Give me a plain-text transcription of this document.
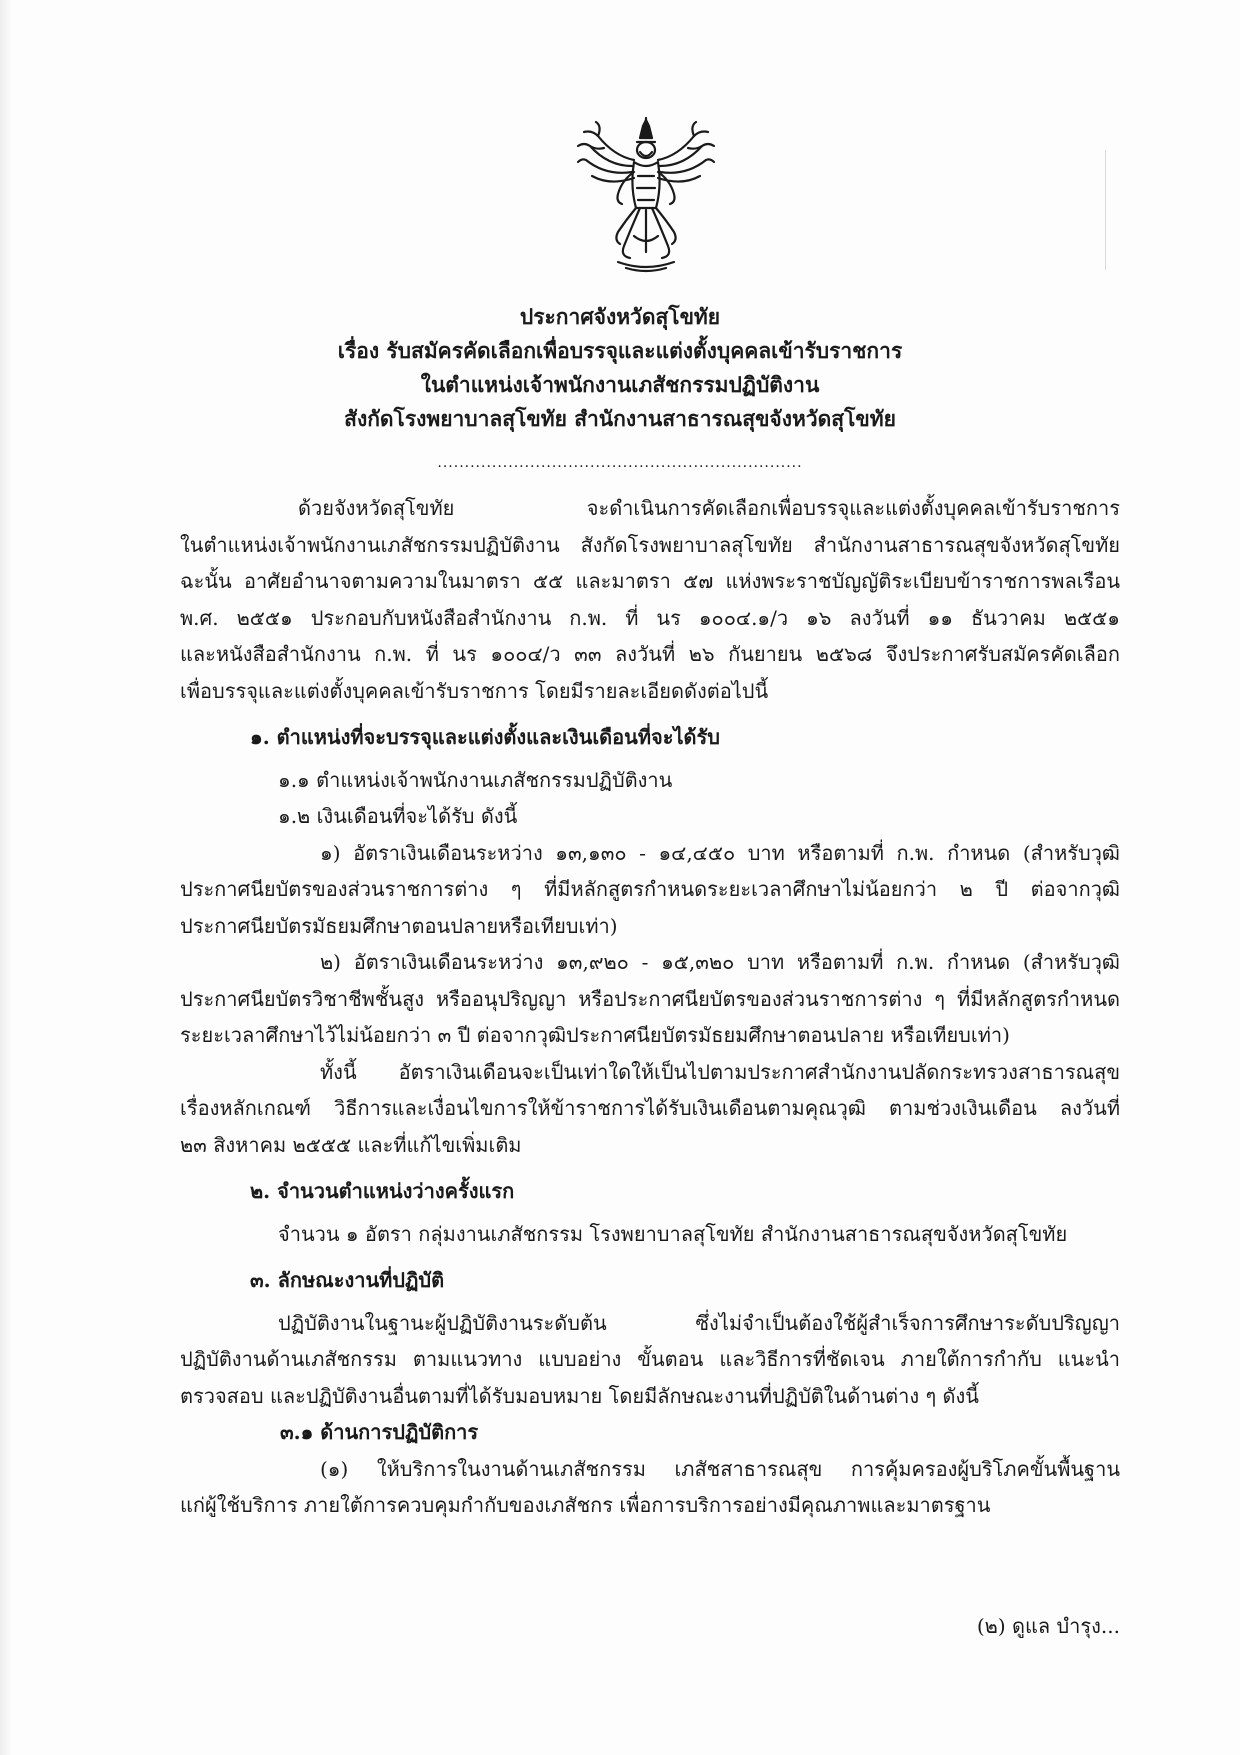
ประกาศจังหวัดสุโขทัย
เรื่อง รับสมัครคัดเลือกเพื่อบรรจุและแต่งตั้งบุคคลเข้ารับราชการ
ในตำแหน่งเจ้าพนักงานเภสัชกรรมปฏิบัติงาน
สังกัดโรงพยาบาลสุโขทัย สำนักงานสาธารณสุขจังหวัดสุโขทัย
...................................................................

ด้วยจังหวัดสุโขทัย จะดำเนินการคัดเลือกเพื่อบรรจุและแต่งตั้งบุคคลเข้ารับราชการ

ในตำแหน่งเจ้าพนักงานเภสัชกรรมปฏิบัติงาน สังกัดโรงพยาบาลสุโขทัย สำนักงานสาธารณสุขจังหวัดสุโขทัย

ฉะนั้น อาศัยอำนาจตามความในมาตรา ๕๕ และมาตรา ๕๗ แห่งพระราชบัญญัติระเบียบข้าราชการพลเรือน

พ.ศ. ๒๕๕๑ ประกอบกับหนังสือสำนักงาน ก.พ. ที่ นร ๑๐๐๔.๑/ว ๑๖ ลงวันที่ ๑๑ ธันวาคม ๒๕๕๑

และหนังสือสำนักงาน ก.พ. ที่ นร ๑๐๐๔/ว ๓๓ ลงวันที่ ๒๖ กันยายน ๒๕๖๘ จึงประกาศรับสมัครคัดเลือก

เพื่อบรรจุและแต่งตั้งบุคคลเข้ารับราชการ โดยมีรายละเอียดดังต่อไปนี้

๑. ตำแหน่งที่จะบรรจุและแต่งตั้งและเงินเดือนที่จะได้รับ

๑.๑ ตำแหน่งเจ้าพนักงานเภสัชกรรมปฏิบัติงาน

๑.๒ เงินเดือนที่จะได้รับ ดังนี้

๑) อัตราเงินเดือนระหว่าง ๑๓,๑๓๐ - ๑๔,๔๕๐ บาท หรือตามที่ ก.พ. กำหนด (สำหรับวุฒิ

ประกาศนียบัตรของส่วนราชการต่าง ๆ ที่มีหลักสูตรกำหนดระยะเวลาศึกษาไม่น้อยกว่า ๒ ปี ต่อจากวุฒิ

ประกาศนียบัตรมัธยมศึกษาตอนปลายหรือเทียบเท่า)

๒) อัตราเงินเดือนระหว่าง ๑๓,๙๒๐ - ๑๕,๓๒๐ บาท หรือตามที่ ก.พ. กำหนด (สำหรับวุฒิ

ประกาศนียบัตรวิชาชีพชั้นสูง หรืออนุปริญญา หรือประกาศนียบัตรของส่วนราชการต่าง ๆ ที่มีหลักสูตรกำหนด

ระยะเวลาศึกษาไว้ไม่น้อยกว่า ๓ ปี ต่อจากวุฒิประกาศนียบัตรมัธยมศึกษาตอนปลาย หรือเทียบเท่า)

ทั้งนี้ อัตราเงินเดือนจะเป็นเท่าใดให้เป็นไปตามประกาศสำนักงานปลัดกระทรวงสาธารณสุข

เรื่องหลักเกณฑ์ วิธีการและเงื่อนไขการให้ข้าราชการได้รับเงินเดือนตามคุณวุฒิ ตามช่วงเงินเดือน ลงวันที่

๒๓ สิงหาคม ๒๕๕๕ และที่แก้ไขเพิ่มเติม

๒. จำนวนตำแหน่งว่างครั้งแรก

จำนวน ๑ อัตรา กลุ่มงานเภสัชกรรม โรงพยาบาลสุโขทัย สำนักงานสาธารณสุขจังหวัดสุโขทัย

๓. ลักษณะงานที่ปฏิบัติ

ปฏิบัติงานในฐานะผู้ปฏิบัติงานระดับต้น ซึ่งไม่จำเป็นต้องใช้ผู้สำเร็จการศึกษาระดับปริญญา

ปฏิบัติงานด้านเภสัชกรรม ตามแนวทาง แบบอย่าง ขั้นตอน และวิธีการที่ชัดเจน ภายใต้การกำกับ แนะนำ

ตรวจสอบ และปฏิบัติงานอื่นตามที่ได้รับมอบหมาย โดยมีลักษณะงานที่ปฏิบัติในด้านต่าง ๆ ดังนี้

๓.๑ ด้านการปฏิบัติการ

(๑) ให้บริการในงานด้านเภสัชกรรม เภสัชสาธารณสุข การคุ้มครองผู้บริโภคขั้นพื้นฐาน

แก่ผู้ใช้บริการ ภายใต้การควบคุมกำกับของเภสัชกร เพื่อการบริการอย่างมีคุณภาพและมาตรฐาน

(๒) ดูแล บำรุง...
